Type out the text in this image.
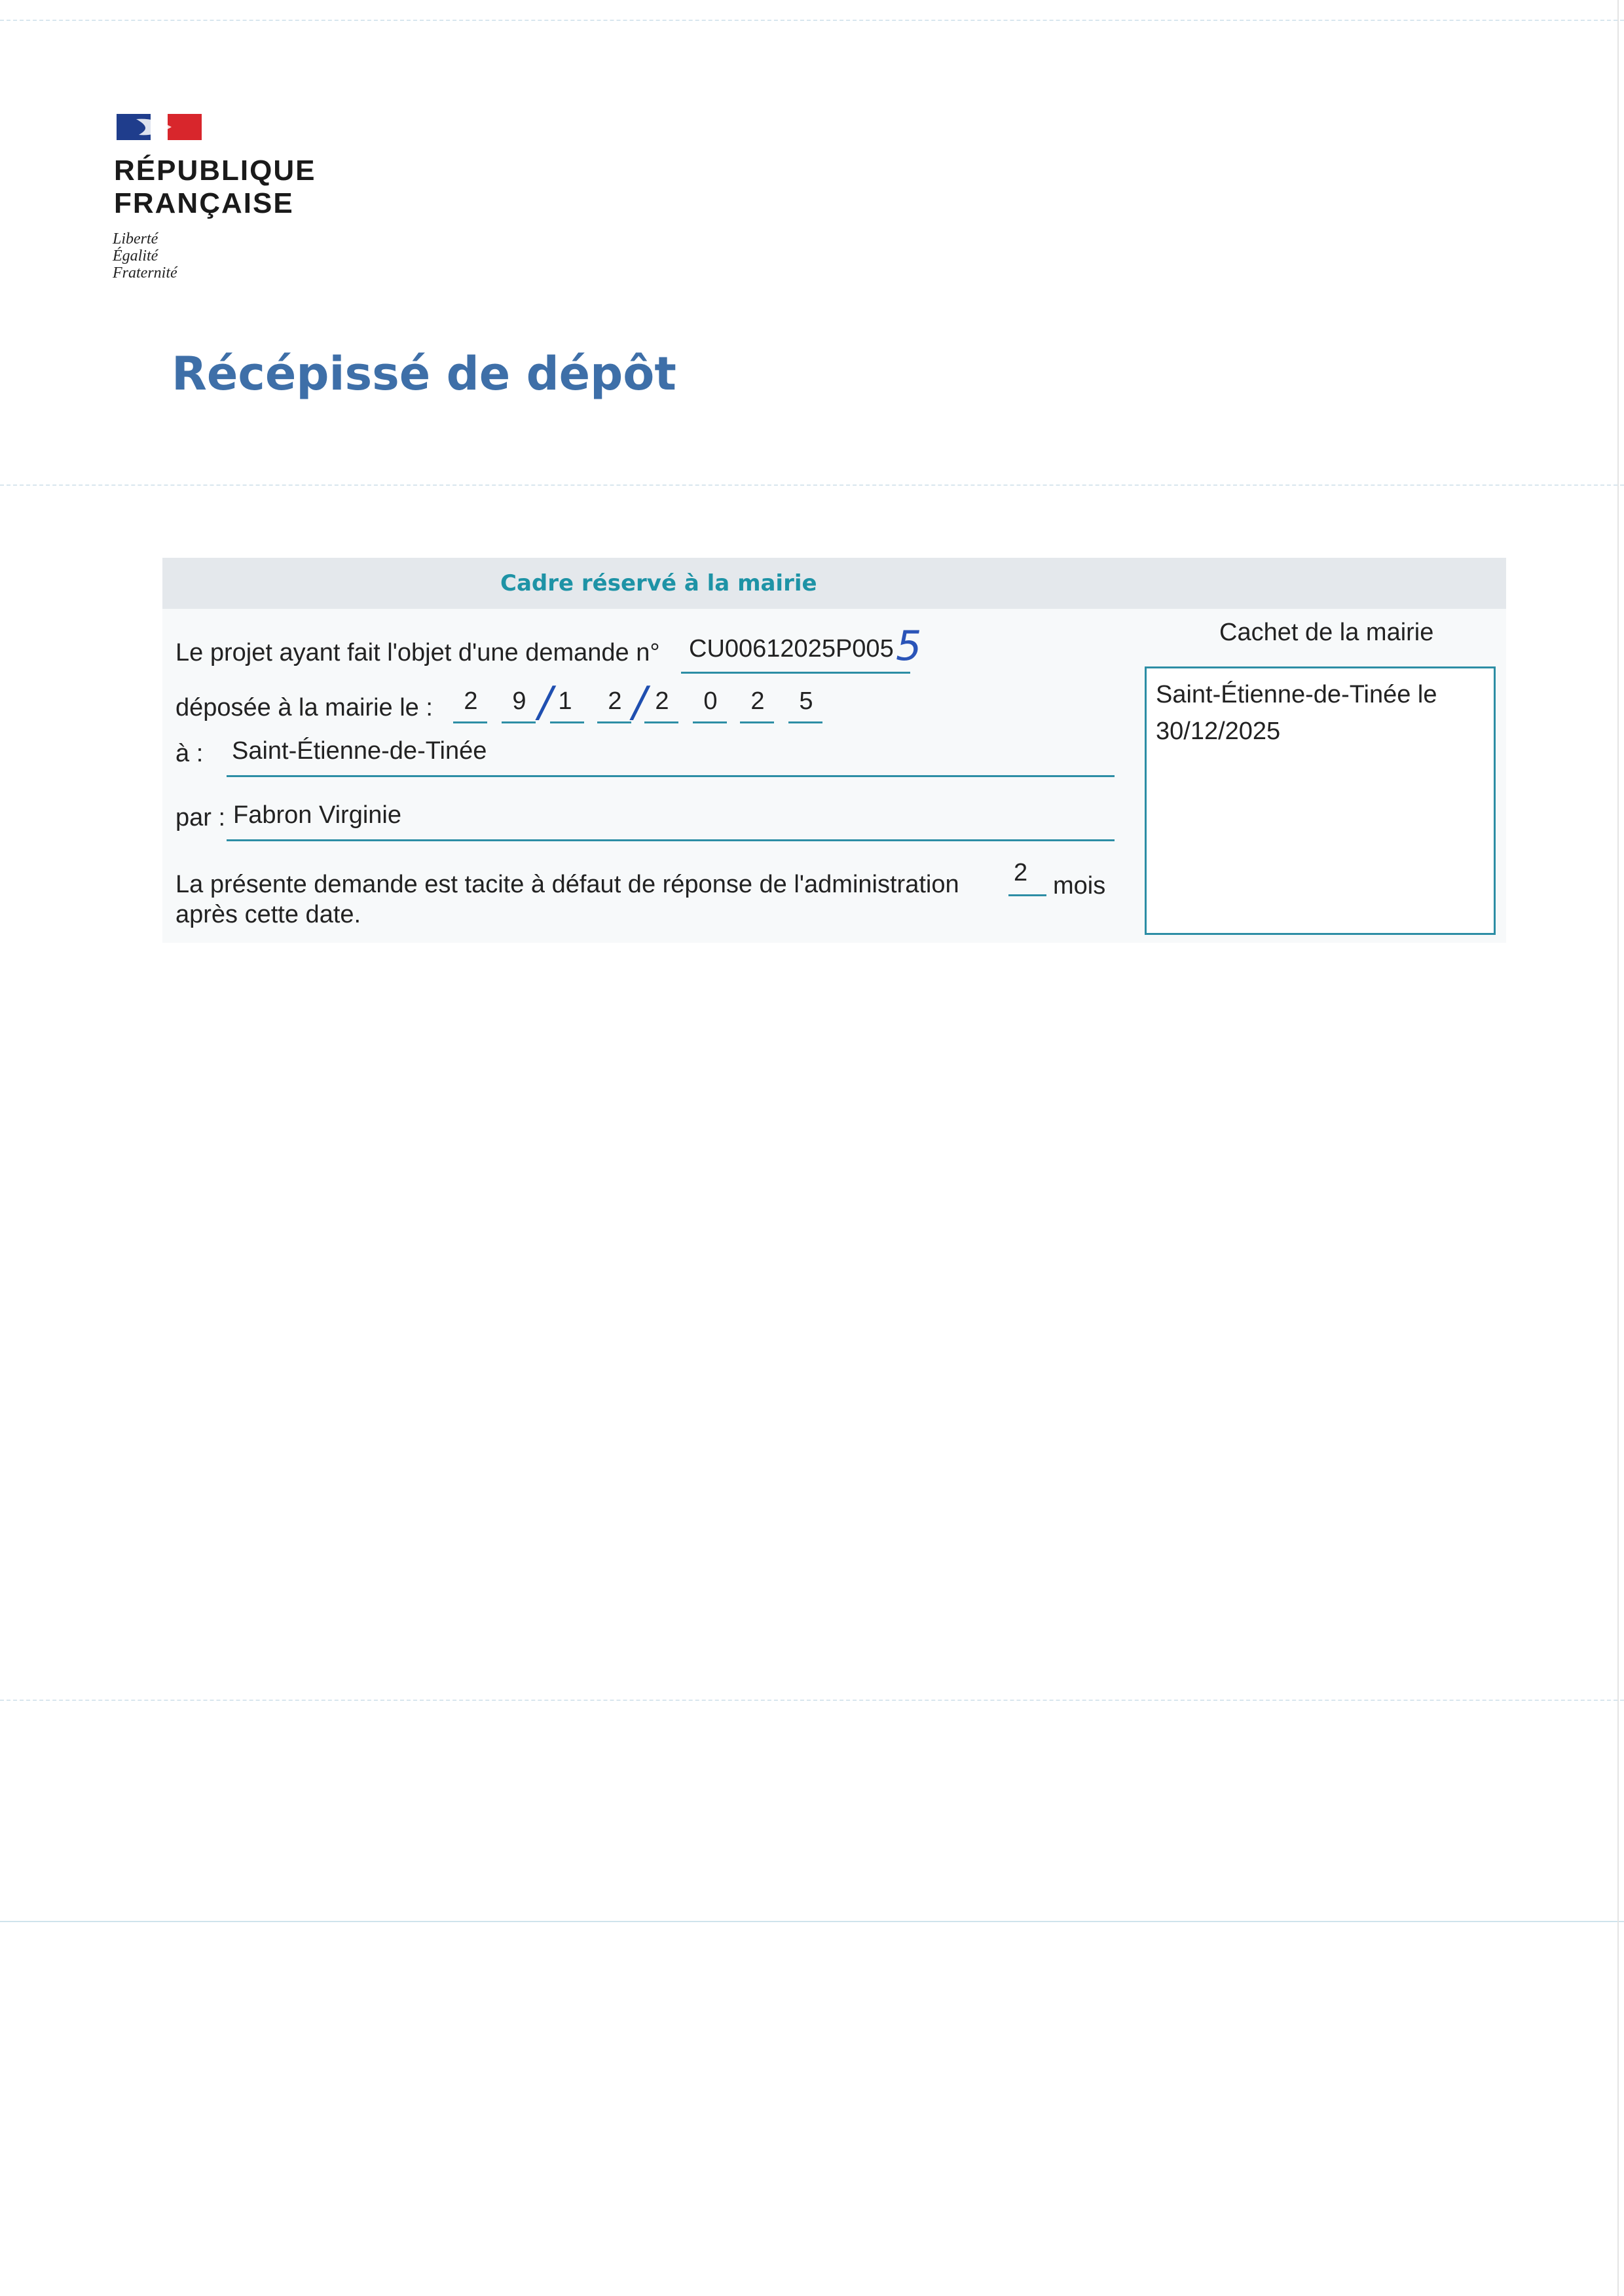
RÉPUBLIQUE
FRANÇAISE
Liberté
Égalité
Fraternité
Récépissé de dépôt
Cadre réservé à la mairie
Le projet ayant fait l'objet d'une demande n° CU00612025P005 5
déposée à la mairie le : 2 9 / 1 2 / 2 0 2 5
à : Saint-Étienne-de-Tinée
par : Fabron Virginie
La présente demande est tacite à défaut de réponse de l'administration 2 mois
après cette date.
Cachet de la mairie
Saint-Étienne-de-Tinée le
30/12/2025
